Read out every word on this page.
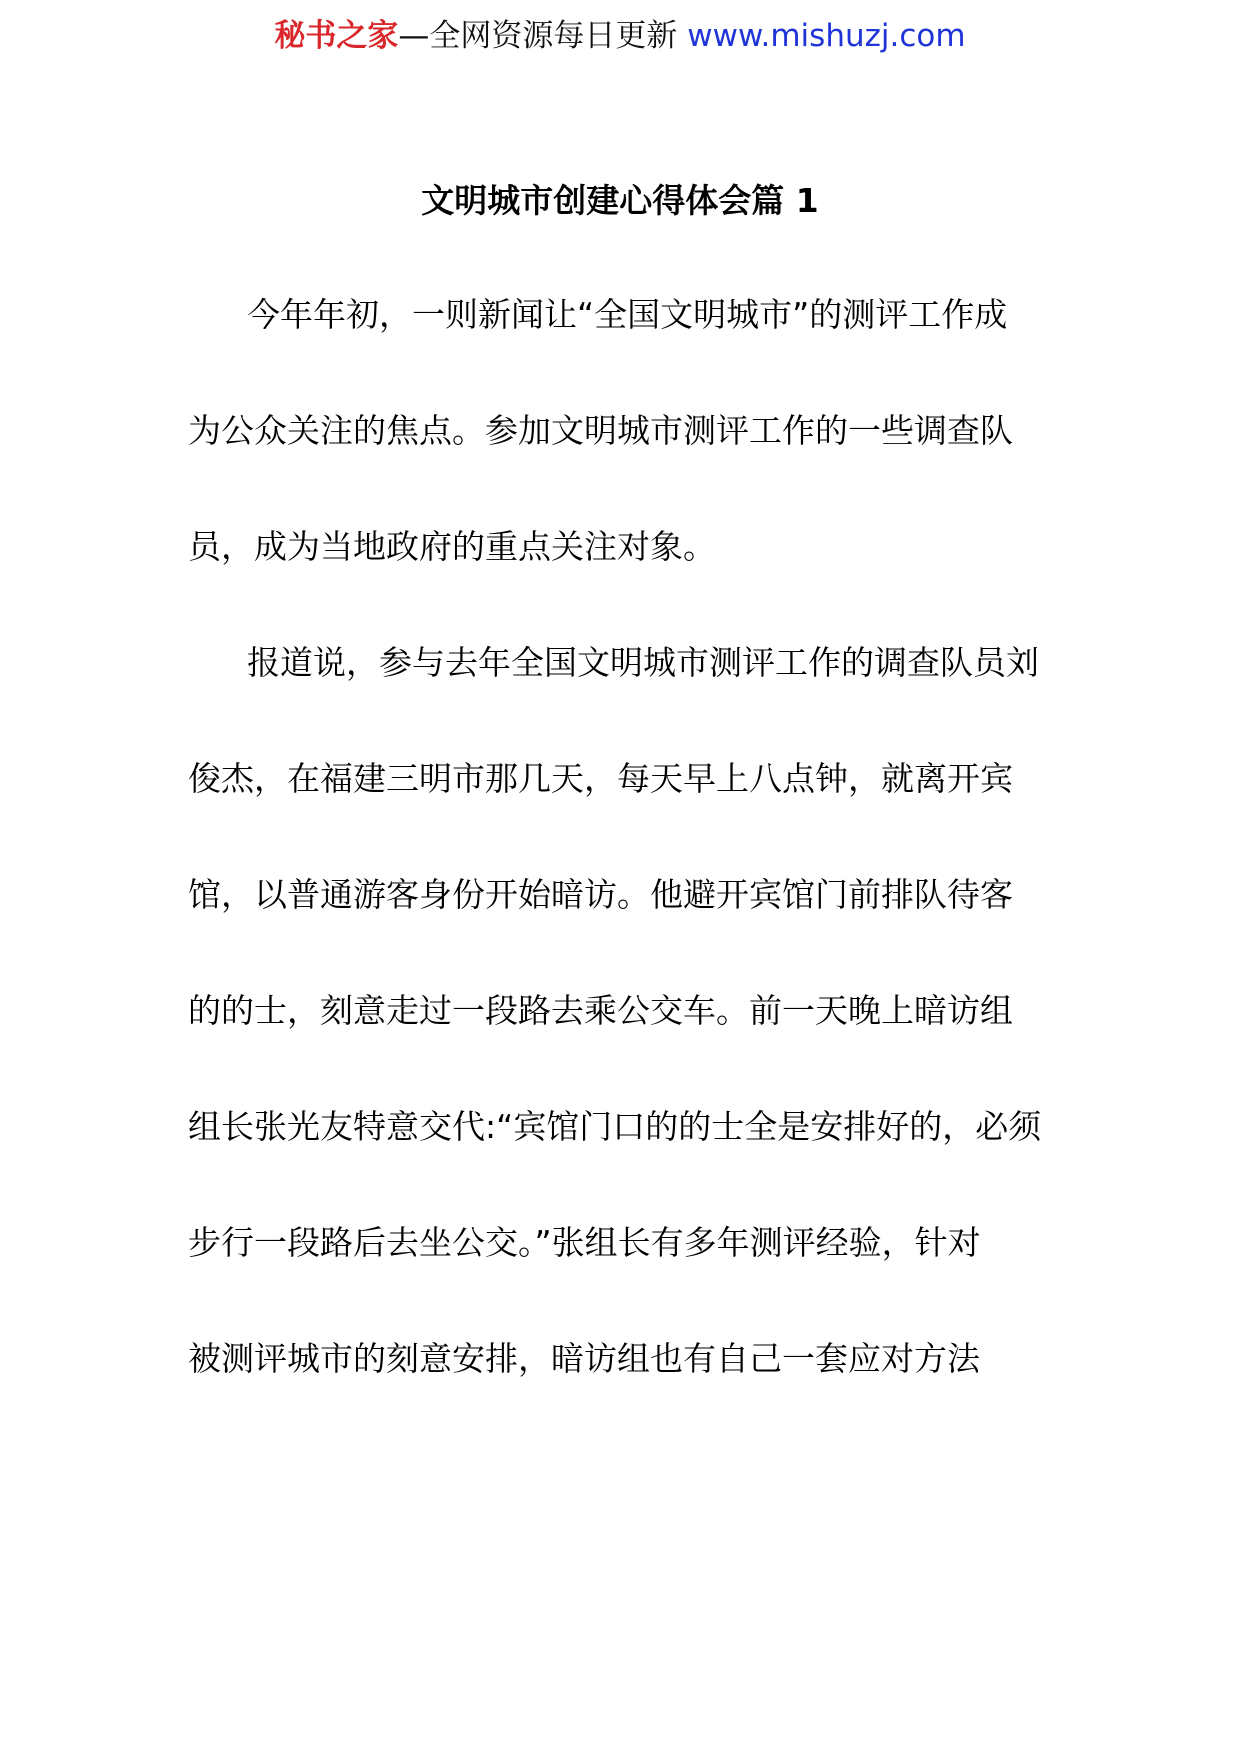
秘书之家—全网资源每日更新 www.mishuzj.com
文明城市创建心得体会篇 1
今年年初，一则新闻让“全国文明城市”的测评工作成
为公众关注的焦点。参加文明城市测评工作的一些调查队
员，成为当地政府的重点关注对象。
报道说，参与去年全国文明城市测评工作的调查队员刘
俊杰，在福建三明市那几天，每天早上八点钟，就离开宾
馆，以普通游客身份开始暗访。他避开宾馆门前排队待客
的的士，刻意走过一段路去乘公交车。前一天晚上暗访组
组长张光友特意交代:“宾馆门口的的士全是安排好的，必须
步行一段路后去坐公交。”张组长有多年测评经验，针对
被测评城市的刻意安排，暗访组也有自己一套应对方法
